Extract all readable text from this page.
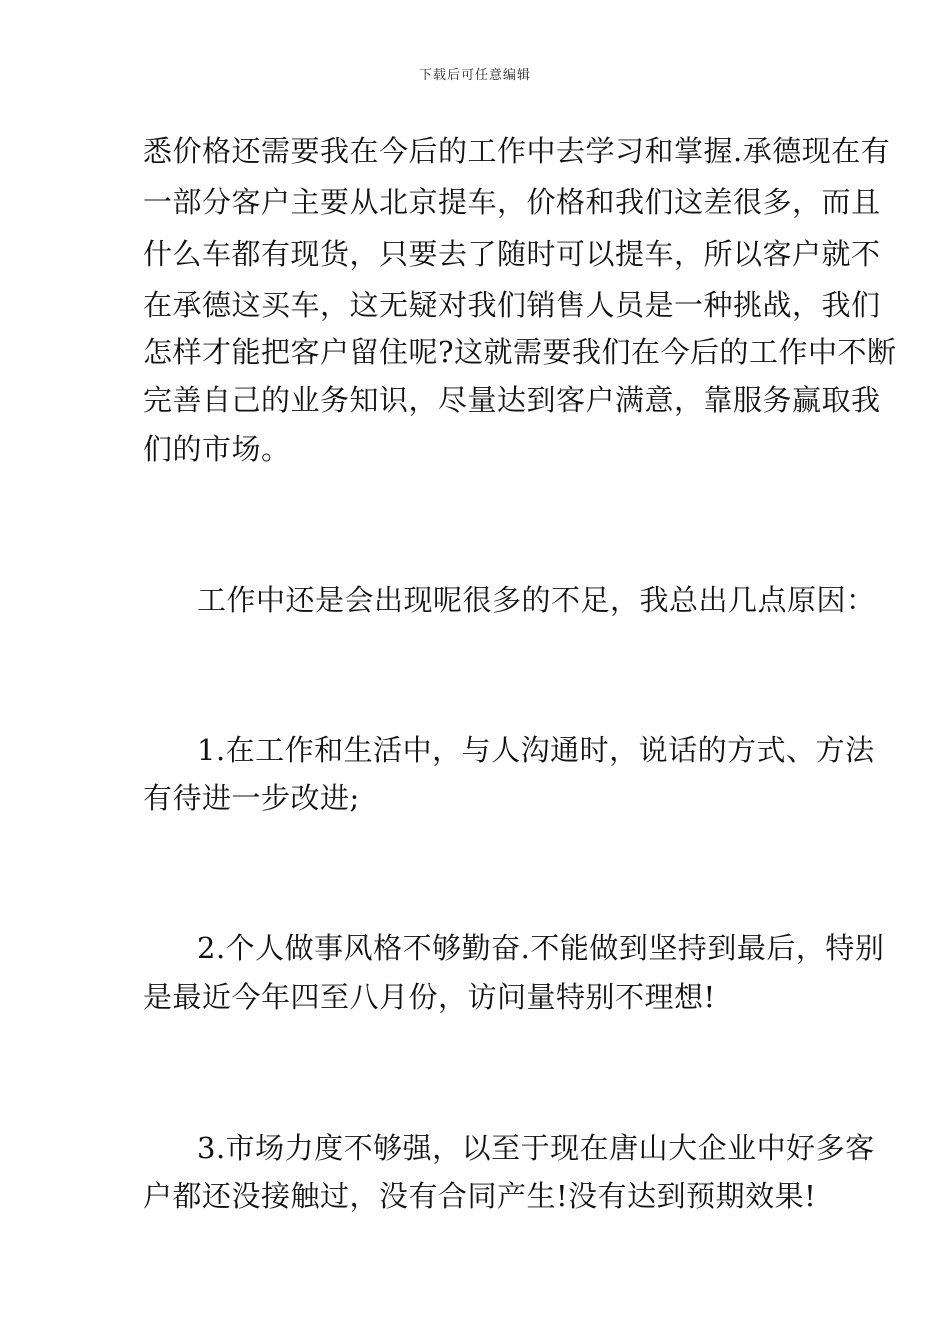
下载后可任意编辑
悉价格还需要我在今后的工作中去学习和掌握.承德现在有
一部分客户主要从北京提车，价格和我们这差很多，而且
什么车都有现货，只要去了随时可以提车，所以客户就不
在承德这买车，这无疑对我们销售人员是一种挑战，我们
怎样才能把客户留住呢?这就需要我们在今后的工作中不断
完善自己的业务知识，尽量达到客户满意，靠服务赢取我
们的市场。
工作中还是会出现呢很多的不足，我总出几点原因：
1.在工作和生活中，与人沟通时，说话的方式、方法
有待进一步改进;
2.个人做事风格不够勤奋.不能做到坚持到最后，特别
是最近今年四至八月份，访问量特别不理想!
3.市场力度不够强，以至于现在唐山大企业中好多客
户都还没接触过，没有合同产生!没有达到预期效果!
